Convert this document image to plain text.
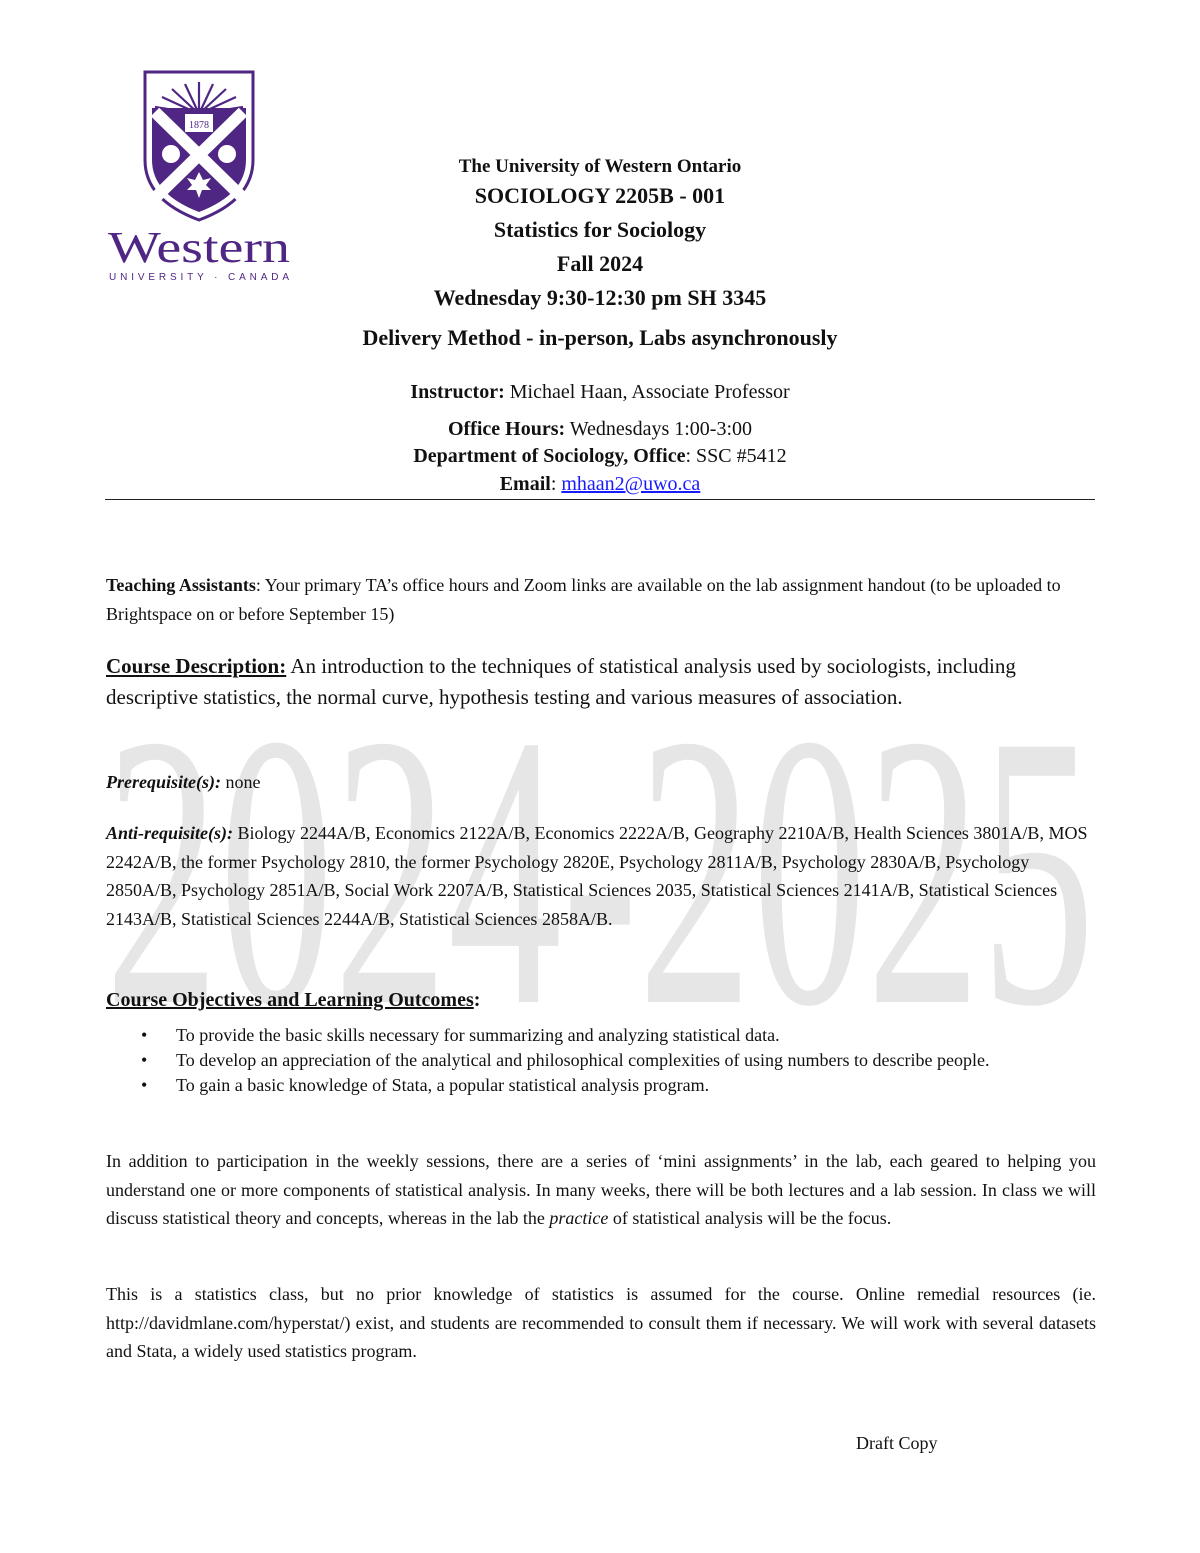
2024-2025
1878
Western
UNIVERSITY · CANADA
The University of Western Ontario
SOCIOLOGY 2205B - 001
Statistics for Sociology
Fall 2024
Wednesday 9:30-12:30 pm SH 3345
Delivery Method - in-person, Labs asynchronously
Instructor: Michael Haan, Associate Professor
Office Hours: Wednesdays 1:00-3:00
Department of Sociology, Office: SSC #5412
Email: mhaan2@uwo.ca
Teaching Assistants: Your primary TA’s office hours and Zoom links are available on the lab assignment handout (to be uploaded to Brightspace on or before September 15)
Course Description: An introduction to the techniques of statistical analysis used by sociologists, including descriptive statistics, the normal curve, hypothesis testing and various measures of association.
Prerequisite(s): none
Anti-requisite(s): Biology 2244A/B, Economics 2122A/B, Economics 2222A/B, Geography 2210A/B, Health Sciences 3801A/B, MOS 2242A/B, the former Psychology 2810, the former Psychology 2820E, Psychology 2811A/B, Psychology 2830A/B, Psychology 2850A/B, Psychology 2851A/B, Social Work 2207A/B, Statistical Sciences 2035, Statistical Sciences 2141A/B, Statistical Sciences 2143A/B, Statistical Sciences 2244A/B, Statistical Sciences 2858A/B.
Course Objectives and Learning Outcomes:
• To provide the basic skills necessary for summarizing and analyzing statistical data.
• To develop an appreciation of the analytical and philosophical complexities of using numbers to describe people.
• To gain a basic knowledge of Stata, a popular statistical analysis program.
In addition to participation in the weekly sessions, there are a series of ‘mini assignments’ in the lab, each geared to helping you understand one or more components of statistical analysis. In many weeks, there will be both lectures and a lab session. In class we will discuss statistical theory and concepts, whereas in the lab the practice of statistical analysis will be the focus.
This is a statistics class, but no prior knowledge of statistics is assumed for the course. Online remedial resources (ie. http://davidmlane.com/hyperstat/) exist, and students are recommended to consult them if necessary. We will work with several datasets and Stata, a widely used statistics program.
Draft Copy
